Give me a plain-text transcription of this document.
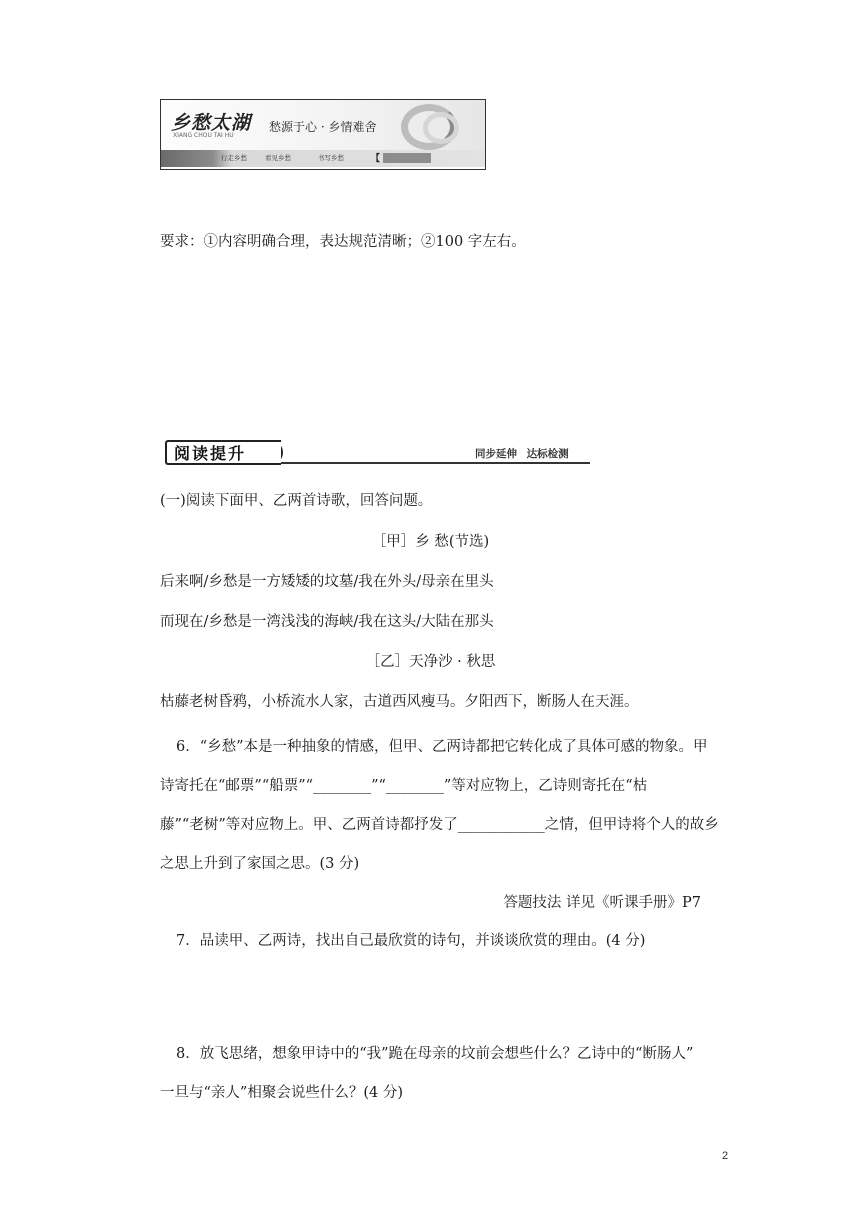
乡愁太湖
XIANG CHOU TAI HU
愁源于心 · 乡情难舍
行走乡愁	看见乡愁	书写乡愁	【
要求：①内容明确合理，表达规范清晰；②100 字左右。
阅读提升	同步延伸 达标检测
(一)阅读下面甲、乙两首诗歌，回答问题。
［甲］乡 愁(节选)
后来啊/乡愁是一方矮矮的坟墓/我在外头/母亲在里头
而现在/乡愁是一湾浅浅的海峡/我在这头/大陆在那头
［乙］天净沙 · 秋思
枯藤老树昏鸦，小桥流水人家，古道西风瘦马。夕阳西下，断肠人在天涯。
6．“乡愁”本是一种抽象的情感，但甲、乙两诗都把它转化成了具体可感的物象。甲
诗寄托在“邮票”“船票”“________”“________”等对应物上，乙诗则寄托在“枯
藤”“老树”等对应物上。甲、乙两首诗都抒发了____________之情，但甲诗将个人的故乡
之思上升到了家国之思。(3 分)
答题技法 详见《听课手册》P7
7．品读甲、乙两诗，找出自己最欣赏的诗句，并谈谈欣赏的理由。(4 分)
8．放飞思绪，想象甲诗中的“我”跪在母亲的坟前会想些什么？乙诗中的“断肠人”
一旦与“亲人”相聚会说些什么？(4 分)
2
